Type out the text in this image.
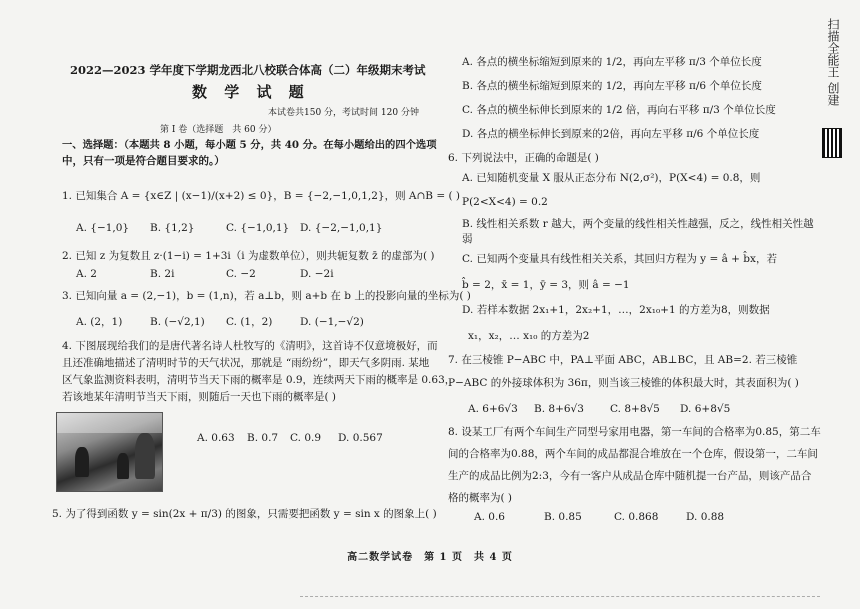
2022—2023 学年度下学期龙西北八校联合体高（二）年级期末考试
数 学 试 题
本试卷共150 分，考试时间 120 分钟
第 Ⅰ 卷（选择题　共 60 分）
一、选择题：（本题共 8 小题，每小题 5 分，共 40 分。在每小题给出的四个选项
中，只有一项是符合题目要求的。）
1. 已知集合 A = {x∈Z | (x−1)/(x+2) ≤ 0}，B = {−2,−1,0,1,2}，则 A∩B = ( )
A. {−1,0} B. {1,2}	C. {−1,0,1} D. {−2,−1,0,1}
2. 已知 z 为复数且 z·(1−i) = 1+3i（i 为虚数单位），则共轭复数 z̄ 的虚部为( )
A. 2	B. 2i	C. −2	D. −2i
3. 已知向量 a = (2,−1)，b = (1,n)，若 a⊥b，则 a+b 在 b 上的投影向量的坐标为( )
A. (2，1)	B. (−√2,1) C. (1，2)	D. (−1,−√2)
4. 下图展现给我们的是唐代著名诗人杜牧写的《清明》，这首诗不仅意境极好，而
且还准确地描述了清明时节的天气状况，那就是 “雨纷纷”，即天气多阴雨. 某地
区气象监测资料表明，清明节当天下雨的概率是 0.9，连续两天下雨的概率是 0.63，
若该地某年清明节当天下雨，则随后一天也下雨的概率是( )
A. 0.63 B. 0.7 C. 0.9 D. 0.567
5. 为了得到函数 y = sin(2x + π/3) 的图象，只需要把函数 y = sin x 的图象上( )
A. 各点的横坐标缩短到原来的 1/2，再向左平移 π/3 个单位长度
B. 各点的横坐标缩短到原来的 1/2，再向左平移 π/6 个单位长度
C. 各点的横坐标伸长到原来的 1/2 倍，再向右平移 π/3 个单位长度
D. 各点的横坐标伸长到原来的2倍，再向左平移 π/6 个单位长度
6. 下列说法中，正确的命题是( )
A. 已知随机变量 X 服从正态分布 N(2,σ²)，P(X<4) = 0.8，则
P(2<X<4) = 0.2
B. 线性相关系数 r 越大，两个变量的线性相关性越强，反之，线性相关性越
弱
C. 已知两个变量具有线性相关关系，其回归方程为 y = â + b̂x，若
b̂ = 2，x̄ = 1，ȳ = 3，则 â = −1
D. 若样本数据 2x₁+1，2x₂+1，…，2x₁₀+1 的方差为8，则数据
x₁，x₂，… x₁₀ 的方差为2
7. 在三棱锥 P−ABC 中，PA⊥平面 ABC，AB⊥BC，且 AB=2. 若三棱锥
P−ABC 的外接球体积为 36π，则当该三棱锥的体积最大时，其表面积为( )
A. 6+6√3 B. 8+6√3 C. 8+8√5 D. 6+8√5
8. 设某工厂有两个车间生产同型号家用电器，第一车间的合格率为0.85，第二车
间的合格率为0.88，两个车间的成品都混合堆放在一个仓库，假设第一，二车间
生产的成品比例为2:3，今有一客户从成品仓库中随机提一台产品，则该产品合
格的概率为( )
A. 0.6	B. 0.85	C. 0.868	D. 0.88
高二数学试卷　第 1 页　共 4 页
扫描全能王 创建
